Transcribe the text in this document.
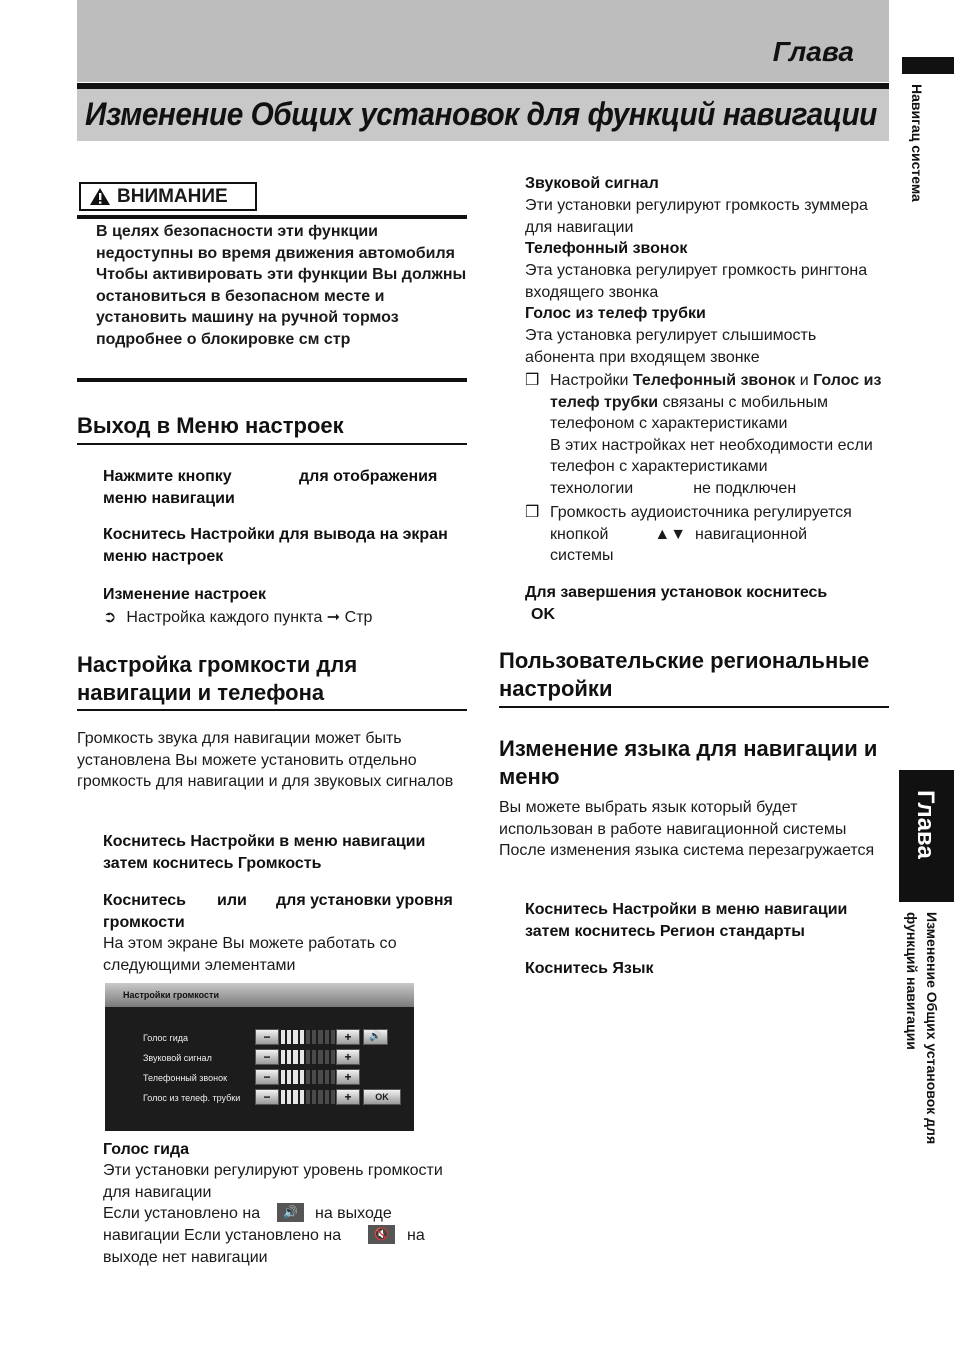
Глава
Изменение Общих установок для функций навигации Навигац система
Глава
Изменение Общих установок для функций навигации
ВНИМАНИЕ
В целях безопасности эти функции недоступны во время движения автомобиля Чтобы активировать эти функции Вы должны остановиться в безопасном месте и установить машину на ручной тормоз подробнее о блокировке см стр
Выход в Меню настроек
Нажмите кнопку	для отображения
меню навигации
Коснитесь Настройки для вывода на экран меню настроек
Изменение настроек
➲ Настройка каждого пункта ➞ Стр
Настройка громкости для навигации и телефона
Громкость звука для навигации может быть установлена Вы можете установить отдельно громкость для навигации и для звуковых сигналов
Коснитесь Настройки в меню навигации затем коснитесь Громкость
Коснитесь или для установки уровня
громкости
На этом экране Вы можете работать со следующими элементами
Настройки громкости
Голос гида	−	+	🔊
Звуковой сигнал	−	+
Телефонный звонок	−	+
Голос из телеф. трубки	−	+	OK
Голос гида
Эти установки регулируют уровень громкости для навигации
Если установлено на	🔊	на выходе
навигации Если установлено на	🔇	на
выходе нет навигации
Звуковой сигнал
Эти установки регулируют громкость зуммера для навигации
Телефонный звонок
Эта установка регулирует громкость рингтона входящего звонка
Голос из телеф трубки
Эта установка регулирует слышимость абонента при входящем звонке
❒ Настройки Телефонный звонок и Голос из телеф трубки связаны с мобильным телефоном с характеристиками
В этих настройках нет необходимости если телефон с характеристиками
технологии	не подключен
❒ Громкость аудиоисточника регулируется
кнопкой	▲▼ навигационной
системы
Для завершения установок коснитесь
OK
Пользовательские региональные настройки
Изменение языка для навигации и меню
Вы можете выбрать язык который будет использован в работе навигационной системы После изменения языка система перезагружается
Коснитесь Настройки в меню навигации затем коснитесь Регион стандарты
Коснитесь Язык
